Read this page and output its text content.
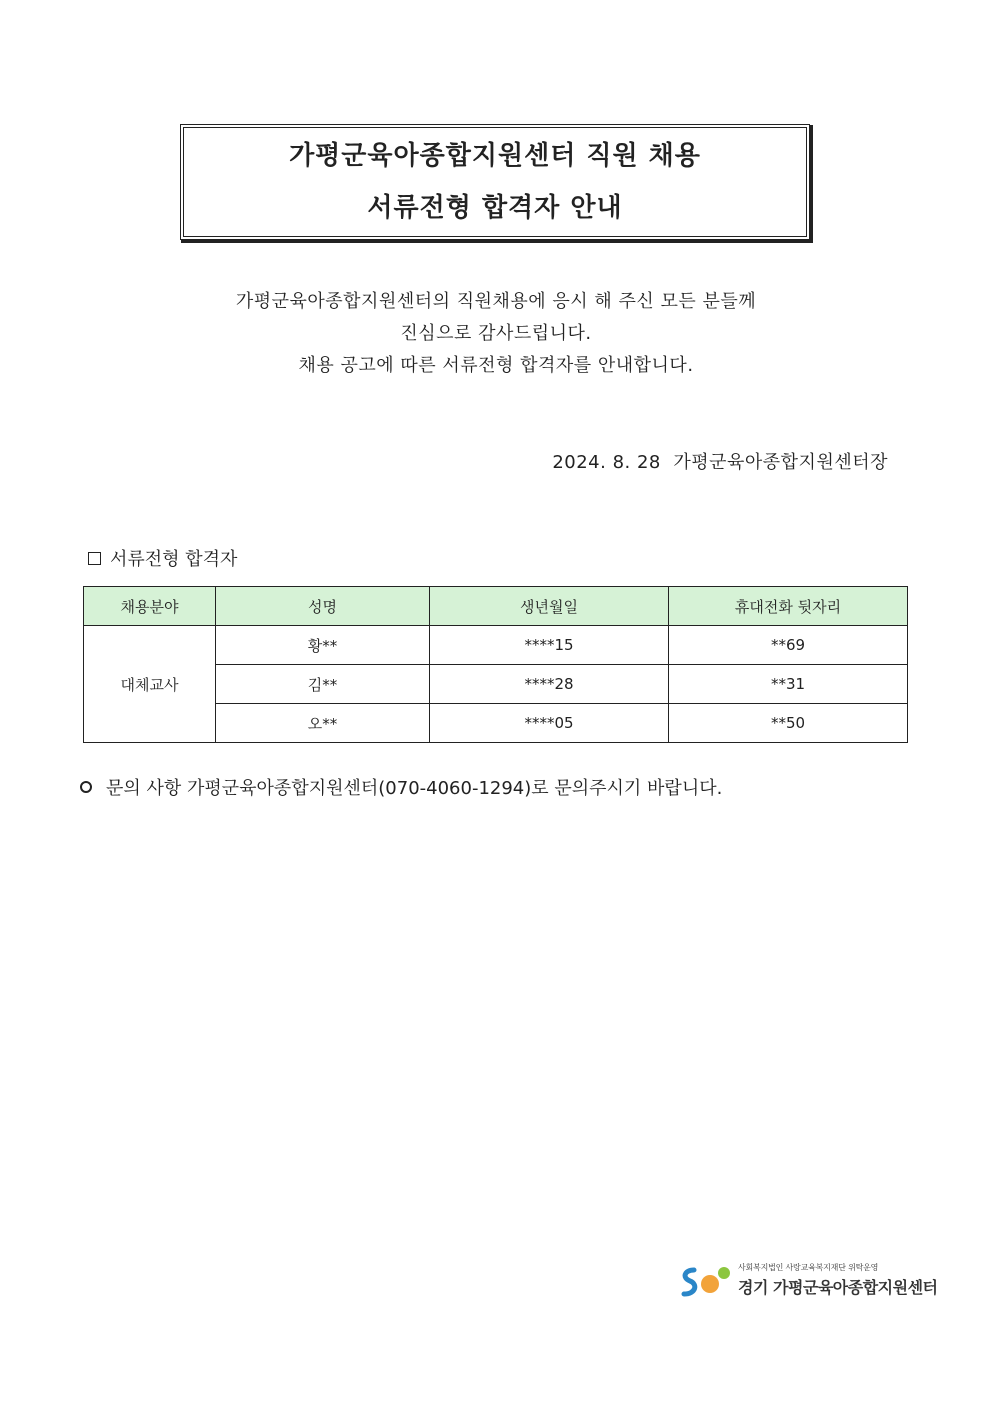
가평군육아종합지원센터 직원 채용
서류전형 합격자 안내
가평군육아종합지원센터의 직원채용에 응시 해 주신 모든 분들께
진심으로 감사드립니다.
채용 공고에 따른 서류전형 합격자를 안내합니다.
2024. 8. 28 가평군육아종합지원센터장
서류전형 합격자
채용분야	성명	생년월일	휴대전화 뒷자리
대체교사	황**	****15	**69
	김**	****28	**31
	오**	****05	**50
문의 사항 가평군육아종합지원센터(070-4060-1294)로 문의주시기 바랍니다.
사회복지법인 사랑교육복지재단 위탁운영
경기 가평군육아종합지원센터
